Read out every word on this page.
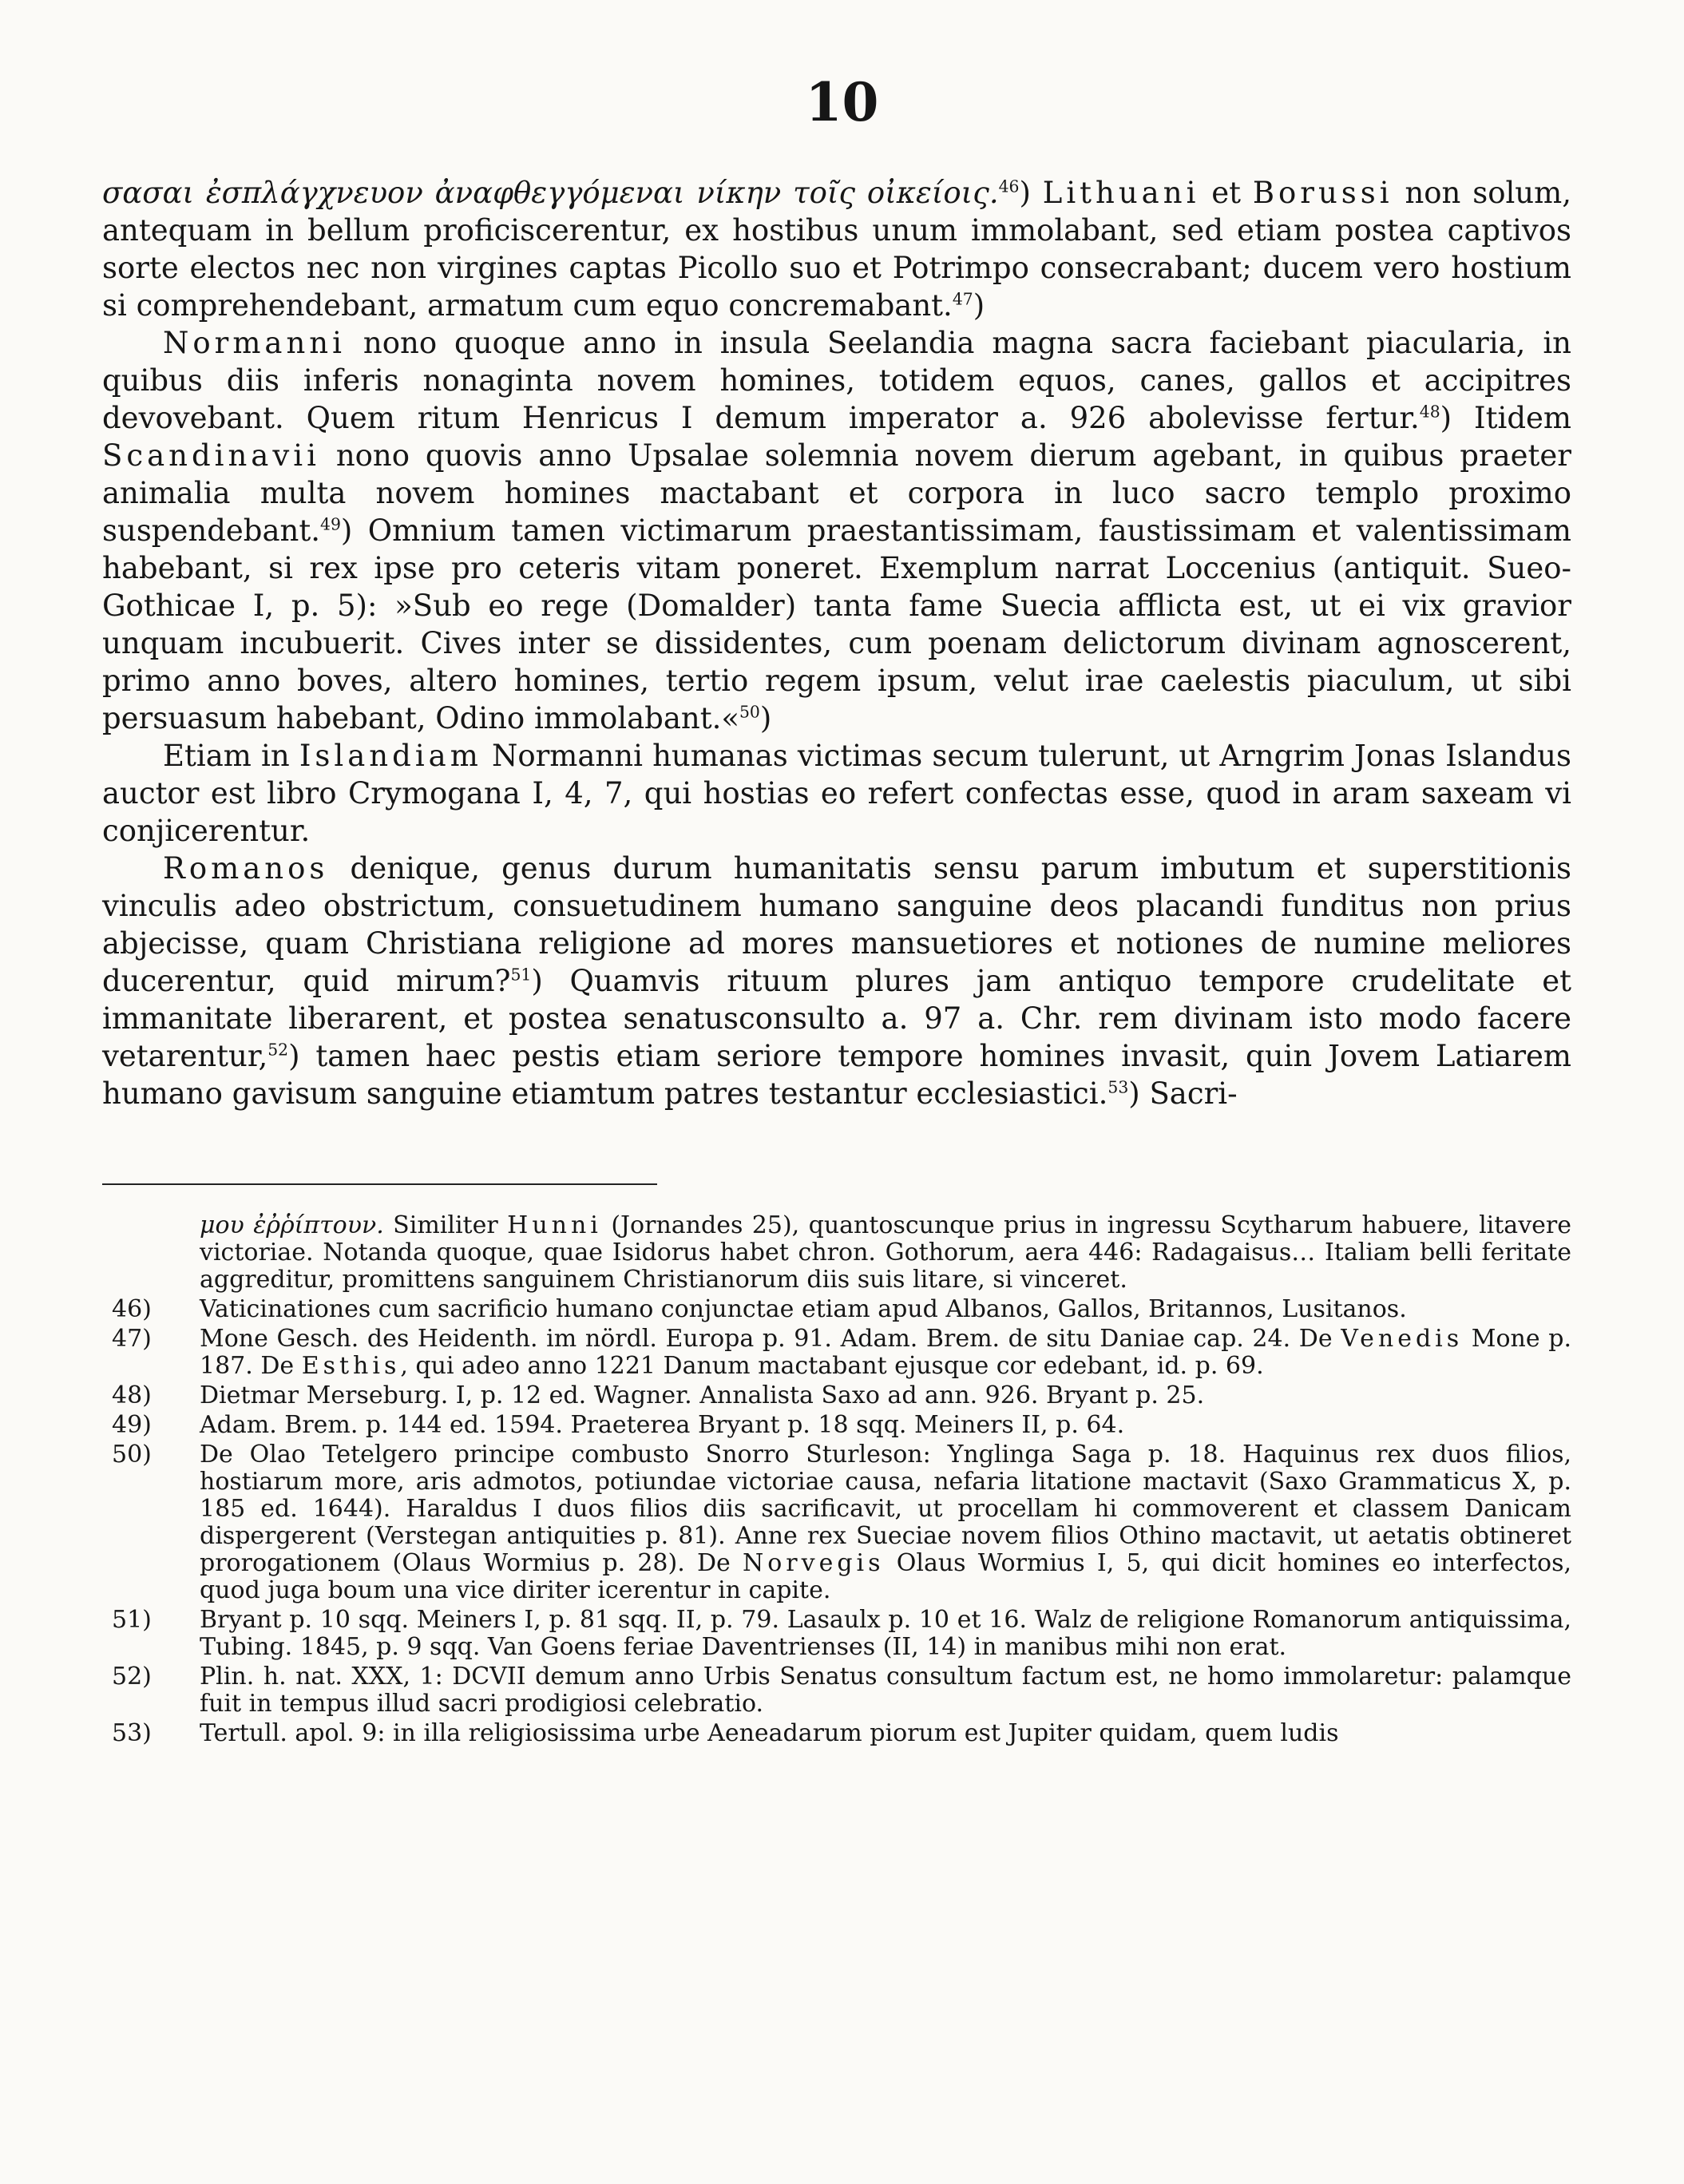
10

σασαι ἐσπλάγχνευον ἀναφθεγγόμεναι νίκην τοῖς οἰκείοις.$^{46}$) Lithuani et Borussi non solum, antequam in bellum proficiscerentur, ex hostibus unum immolabant, sed etiam postea captivos sorte electos nec non virgines captas Picollo suo et Potrimpo consecrabant; ducem vero hostium si comprehendebant, armatum cum equo concremabant.$^{47}$)

Normanni nono quoque anno in insula Seelandia magna sacra faciebant piacularia, in quibus diis inferis nonaginta novem homines, totidem equos, canes, gallos et accipitres devovebant. Quem ritum Henricus I demum imperator a. 926 abolevisse fertur.$^{48}$) Itidem Scandinavii nono quovis anno Upsalae solemnia novem dierum agebant, in quibus praeter animalia multa novem homines mactabant et corpora in luco sacro templo proximo suspendebant.$^{49}$) Omnium tamen victimarum praestantissimam, faustissimam et valentissimam habebant, si rex ipse pro ceteris vitam poneret. Exemplum narrat Loccenius (antiquit. Sueo-Gothicae I, p. 5): »Sub eo rege (Domalder) tanta fame Suecia afflicta est, ut ei vix gravior unquam incubuerit. Cives inter se dissidentes, cum poenam delictorum divinam agnoscerent, primo anno boves, altero homines, tertio regem ipsum, velut irae caelestis piaculum, ut sibi persuasum habebant, Odino immolabant.«$^{50}$)

Etiam in Islandiam Normanni humanas victimas secum tulerunt, ut Arngrim Jonas Islandus auctor est libro Crymogana I, 4, 7, qui hostias eo refert confectas esse, quod in aram saxeam vi conjicerentur.

Romanos denique, genus durum humanitatis sensu parum imbutum et superstitionis vinculis adeo obstrictum, consuetudinem humano sanguine deos placandi funditus non prius abjecisse, quam Christiana religione ad mores mansuetiores et notiones de numine meliores ducerentur, quid mirum?$^{51}$) Quamvis rituum plures jam antiquo tempore crudelitate et immanitate liberarent, et postea senatusconsulto a. 97 a. Chr. rem divinam isto modo facere vetarentur,$^{52}$) tamen haec pestis etiam seriore tempore homines invasit, quin Jovem Latiarem humano gavisum sanguine etiamtum patres testantur ecclesiastici.$^{53}$) Sacri-

μου ἐῤῥίπτουν. Similiter Hunni (Jornandes 25), quantoscunque prius in ingressu Scytharum habuere, litavere victoriae. Notanda quoque, quae Isidorus habet chron. Gothorum, aera 446: Radagaisus… Italiam belli feritate aggreditur, promittens sanguinem Christianorum diis suis litare, si vinceret.
46) Vaticinationes cum sacrificio humano conjunctae etiam apud Albanos, Gallos, Britannos, Lusitanos.
47) Mone Gesch. des Heidenth. im nördl. Europa p. 91. Adam. Brem. de situ Daniae cap. 24. De Venedis Mone p. 187. De Esthis, qui adeo anno 1221 Danum mactabant ejusque cor edebant, id. p. 69.
48) Dietmar Merseburg. I, p. 12 ed. Wagner. Annalista Saxo ad ann. 926. Bryant p. 25.
49) Adam. Brem. p. 144 ed. 1594. Praeterea Bryant p. 18 sqq. Meiners II, p. 64.
50) De Olao Tetelgero principe combusto Snorro Sturleson: Ynglinga Saga p. 18. Haquinus rex duos filios, hostiarum more, aris admotos, potiundae victoriae causa, nefaria litatione mactavit (Saxo Grammaticus X, p. 185 ed. 1644). Haraldus I duos filios diis sacrificavit, ut procellam hi commoverent et classem Danicam dispergerent (Verstegan antiquities p. 81). Anne rex Sueciae novem filios Othino mactavit, ut aetatis obtineret prorogationem (Olaus Wormius p. 28). De Norvegis Olaus Wormius I, 5, qui dicit homines eo interfectos, quod juga boum una vice diriter icerentur in capite.
51) Bryant p. 10 sqq. Meiners I, p. 81 sqq. II, p. 79. Lasaulx p. 10 et 16. Walz de religione Romanorum antiquissima, Tubing. 1845, p. 9 sqq. Van Goens feriae Daventrienses (II, 14) in manibus mihi non erat.
52) Plin. h. nat. XXX, 1: DCVII demum anno Urbis Senatus consultum factum est, ne homo immolaretur: palamque fuit in tempus illud sacri prodigiosi celebratio.
53) Tertull. apol. 9: in illa religiosissima urbe Aeneadarum piorum est Jupiter quidam, quem ludis
